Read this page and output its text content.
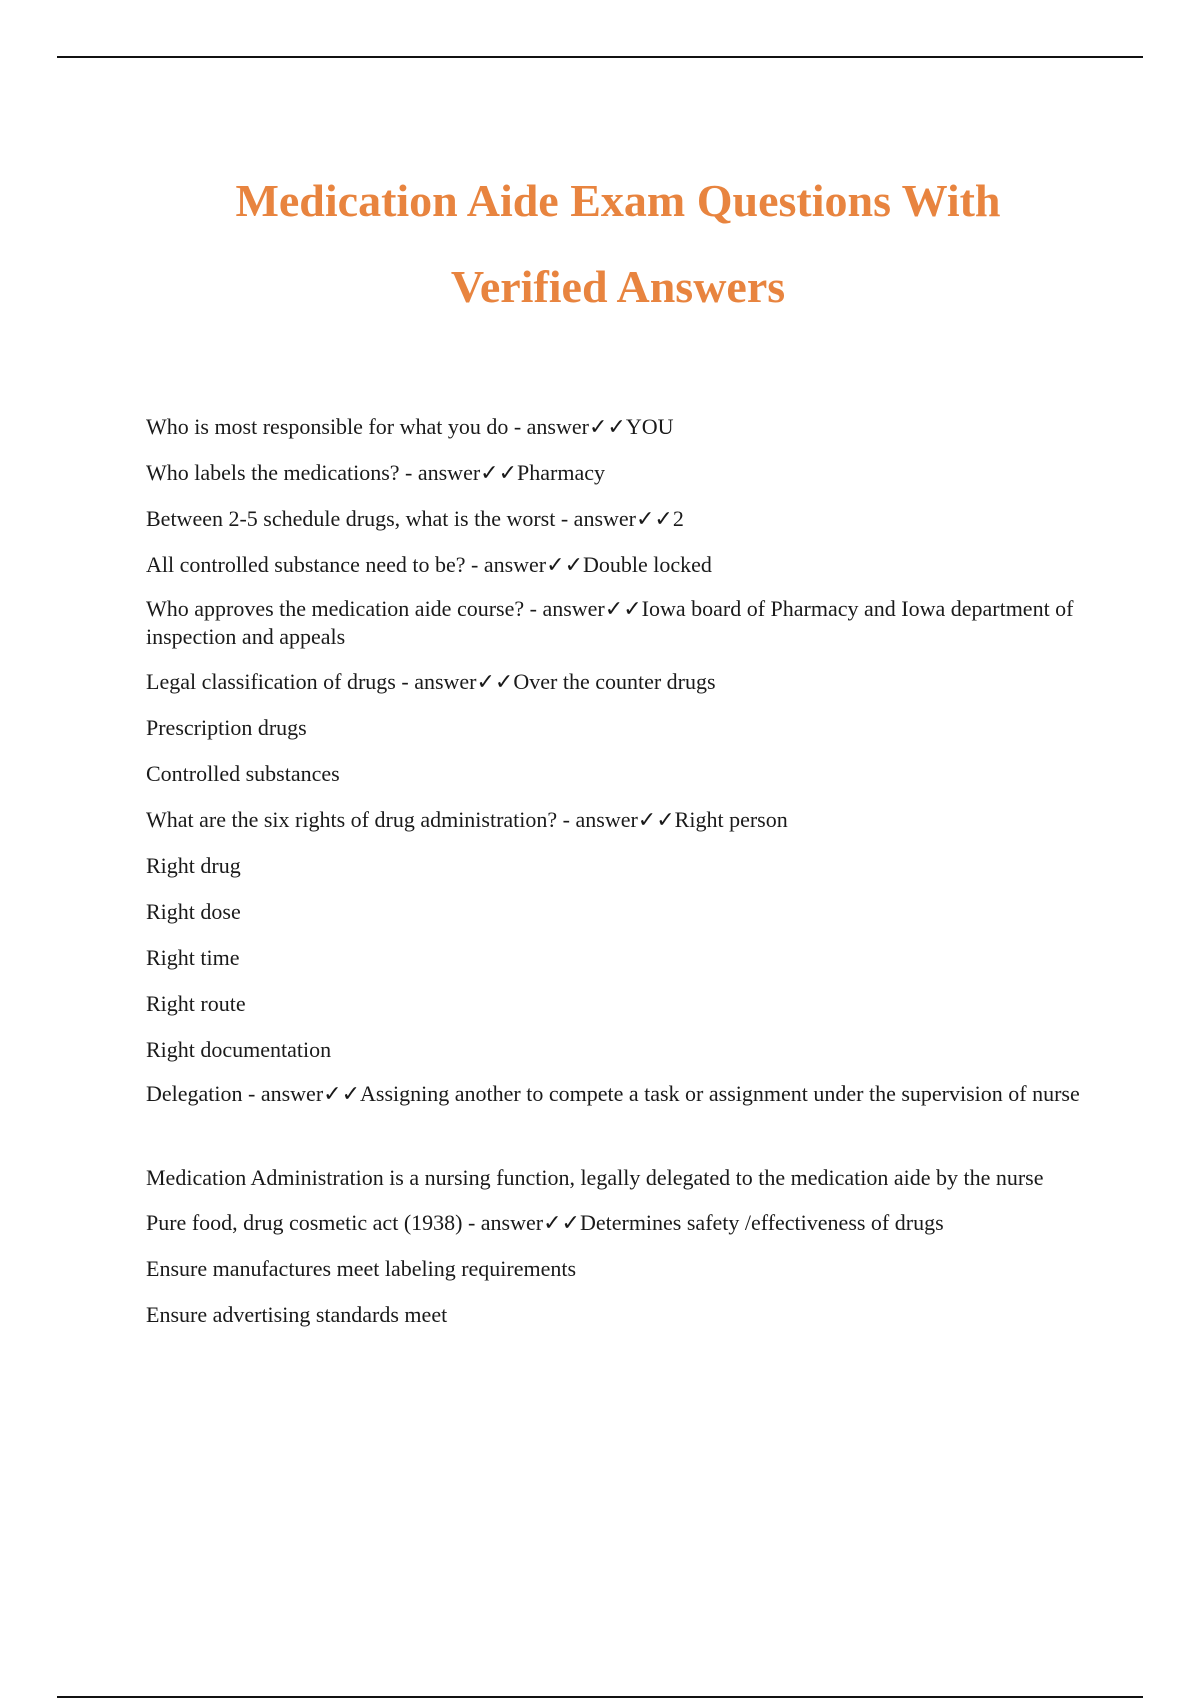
Medication Aide Exam Questions With
Verified Answers

Who is most responsible for what you do - answer✓✓YOU

Who labels the medications? - answer✓✓Pharmacy

Between 2-5 schedule drugs, what is the worst - answer✓✓2

All controlled substance need to be? - answer✓✓Double locked

Who approves the medication aide course? - answer✓✓Iowa board of Pharmacy and Iowa department of inspection and appeals

Legal classification of drugs - answer✓✓Over the counter drugs

Prescription drugs

Controlled substances

What are the six rights of drug administration? - answer✓✓Right person

Right drug

Right dose

Right time

Right route

Right documentation

Delegation - answer✓✓Assigning another to compete a task or assignment under the supervision of nurse

Medication Administration is a nursing function, legally delegated to the medication aide by the nurse

Pure food, drug cosmetic act (1938) - answer✓✓Determines safety /effectiveness of drugs

Ensure manufactures meet labeling requirements

Ensure advertising standards meet
